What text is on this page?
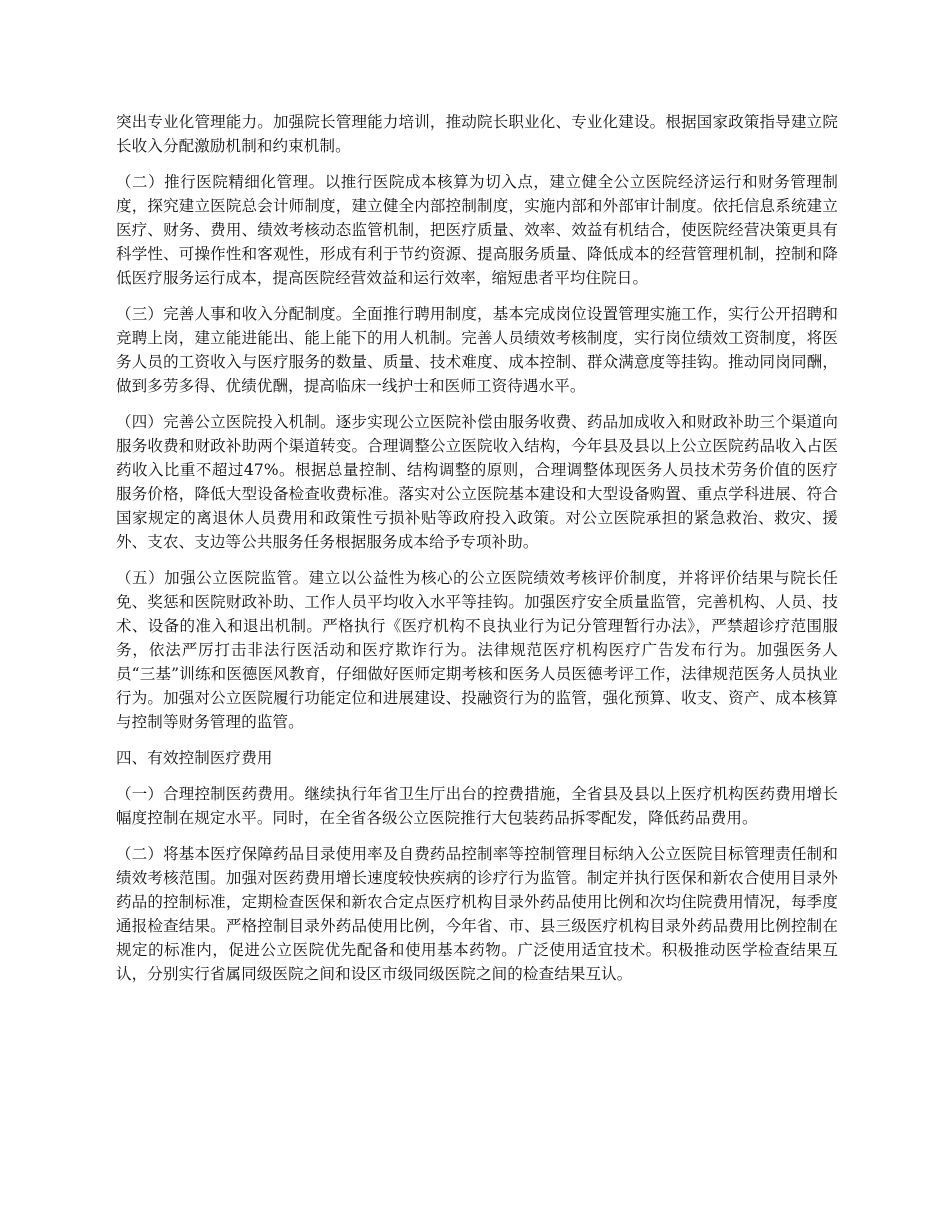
突出专业化管理能力。加强院长管理能力培训，推动院长职业化、专业化建设。根据国家政策指导建立院长收入分配激励机制和约束机制。

（二）推行医院精细化管理。以推行医院成本核算为切入点，建立健全公立医院经济运行和财务管理制度，探究建立医院总会计师制度，建立健全内部控制制度，实施内部和外部审计制度。依托信息系统建立医疗、财务、费用、绩效考核动态监管机制，把医疗质量、效率、效益有机结合，使医院经营决策更具有科学性、可操作性和客观性，形成有利于节约资源、提高服务质量、降低成本的经营管理机制，控制和降低医疗服务运行成本，提高医院经营效益和运行效率，缩短患者平均住院日。

（三）完善人事和收入分配制度。全面推行聘用制度，基本完成岗位设置管理实施工作，实行公开招聘和竞聘上岗，建立能进能出、能上能下的用人机制。完善人员绩效考核制度，实行岗位绩效工资制度，将医务人员的工资收入与医疗服务的数量、质量、技术难度、成本控制、群众满意度等挂钩。推动同岗同酬，做到多劳多得、优绩优酬，提高临床一线护士和医师工资待遇水平。

（四）完善公立医院投入机制。逐步实现公立医院补偿由服务收费、药品加成收入和财政补助三个渠道向服务收费和财政补助两个渠道转变。合理调整公立医院收入结构，今年县及县以上公立医院药品收入占医药收入比重不超过47%。根据总量控制、结构调整的原则，合理调整体现医务人员技术劳务价值的医疗服务价格，降低大型设备检查收费标准。落实对公立医院基本建设和大型设备购置、重点学科进展、符合国家规定的离退休人员费用和政策性亏损补贴等政府投入政策。对公立医院承担的紧急救治、救灾、援外、支农、支边等公共服务任务根据服务成本给予专项补助。

（五）加强公立医院监管。建立以公益性为核心的公立医院绩效考核评价制度，并将评价结果与院长任免、奖惩和医院财政补助、工作人员平均收入水平等挂钩。加强医疗安全质量监管，完善机构、人员、技术、设备的准入和退出机制。严格执行《医疗机构不良执业行为记分管理暂行办法》，严禁超诊疗范围服务，依法严厉打击非法行医活动和医疗欺诈行为。法律规范医疗机构医疗广告发布行为。加强医务人员“三基”训练和医德医风教育，仔细做好医师定期考核和医务人员医德考评工作，法律规范医务人员执业行为。加强对公立医院履行功能定位和进展建设、投融资行为的监管，强化预算、收支、资产、成本核算与控制等财务管理的监管。

四、有效控制医疗费用

（一）合理控制医药费用。继续执行年省卫生厅出台的控费措施，全省县及县以上医疗机构医药费用增长幅度控制在规定水平。同时，在全省各级公立医院推行大包装药品拆零配发，降低药品费用。

（二）将基本医疗保障药品目录使用率及自费药品控制率等控制管理目标纳入公立医院目标管理责任制和绩效考核范围。加强对医药费用增长速度较快疾病的诊疗行为监管。制定并执行医保和新农合使用目录外药品的控制标准，定期检查医保和新农合定点医疗机构目录外药品使用比例和次均住院费用情况，每季度通报检查结果。严格控制目录外药品使用比例，今年省、市、县三级医疗机构目录外药品费用比例控制在规定的标准内，促进公立医院优先配备和使用基本药物。广泛使用适宜技术。积极推动医学检查结果互认，分别实行省属同级医院之间和设区市级同级医院之间的检查结果互认。
